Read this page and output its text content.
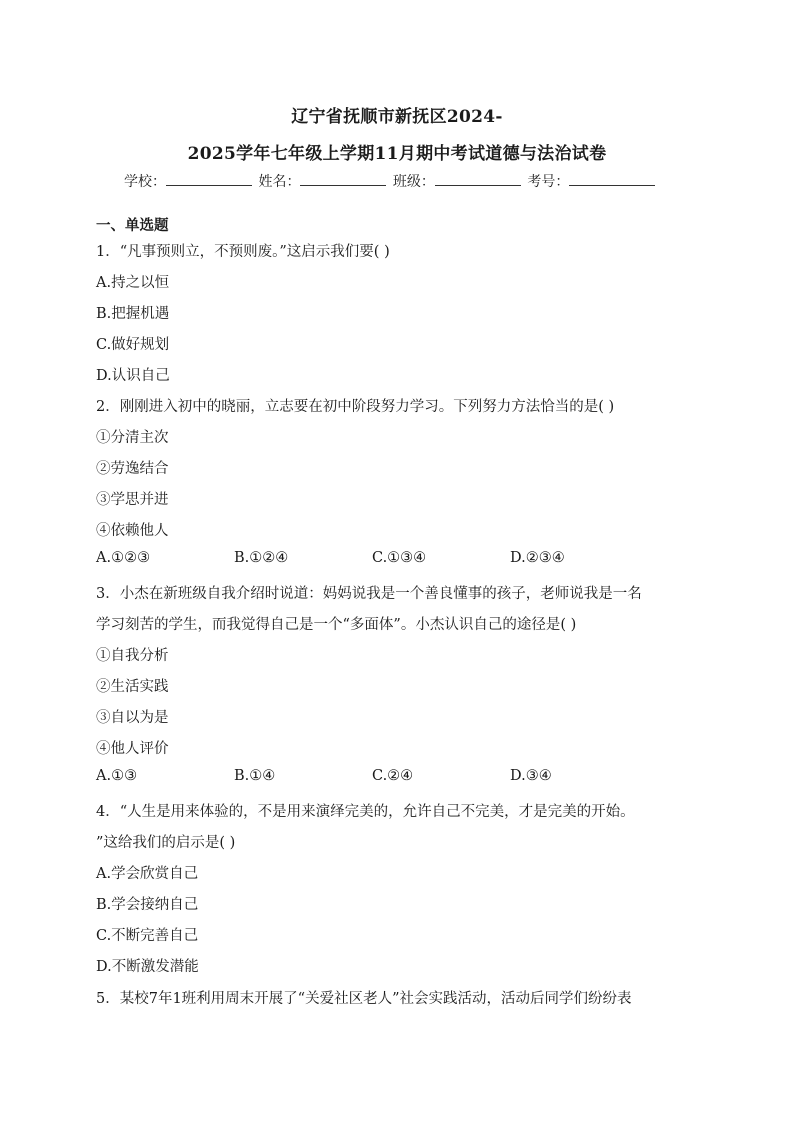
辽宁省抚顺市新抚区2024-
2025学年七年级上学期11月期中考试道德与法治试卷
学校：	姓名：	班级：	考号：
一、单选题
1．“凡事预则立，不预则废。”这启示我们要( )
A.持之以恒
B.把握机遇
C.做好规划
D.认识自己
2．刚刚进入初中的晓丽，立志要在初中阶段努力学习。下列努力方法恰当的是( )
①分清主次
②劳逸结合
③学思并进
④依赖他人
A.①②③	B.①②④	C.①③④	D.②③④
3．小杰在新班级自我介绍时说道：妈妈说我是一个善良懂事的孩子，老师说我是一名
学习刻苦的学生，而我觉得自己是一个“多面体”。小杰认识自己的途径是( )
①自我分析
②生活实践
③自以为是
④他人评价
A.①③	B.①④	C.②④	D.③④
4．“人生是用来体验的，不是用来演绎完美的，允许自己不完美，才是完美的开始。
”这给我们的启示是( )
A.学会欣赏自己
B.学会接纳自己
C.不断完善自己
D.不断激发潜能
5．某校7年1班利用周末开展了“关爱社区老人”社会实践活动，活动后同学们纷纷表
